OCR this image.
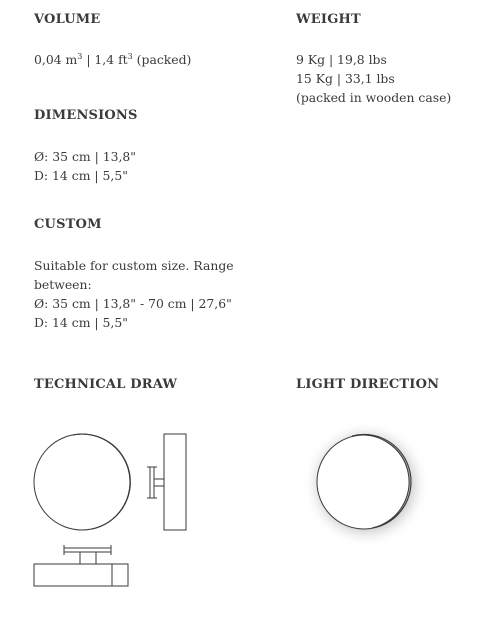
VOLUME
0,04 $m^3$ | 1,4 $ft^3$ (packed)
WEIGHT
9 Kg | 19,8 lbs
15 Kg | 33,1 lbs
(packed in wooden case)
DIMENSIONS
Ø: 35 cm | 13,8"
D: 14 cm | 5,5"
CUSTOM
Suitable for custom size. Range
between:
Ø: 35 cm | 13,8" - 70 cm | 27,6"
D: 14 cm | 5,5"
TECHNICAL DRAW	LIGHT DIRECTION
